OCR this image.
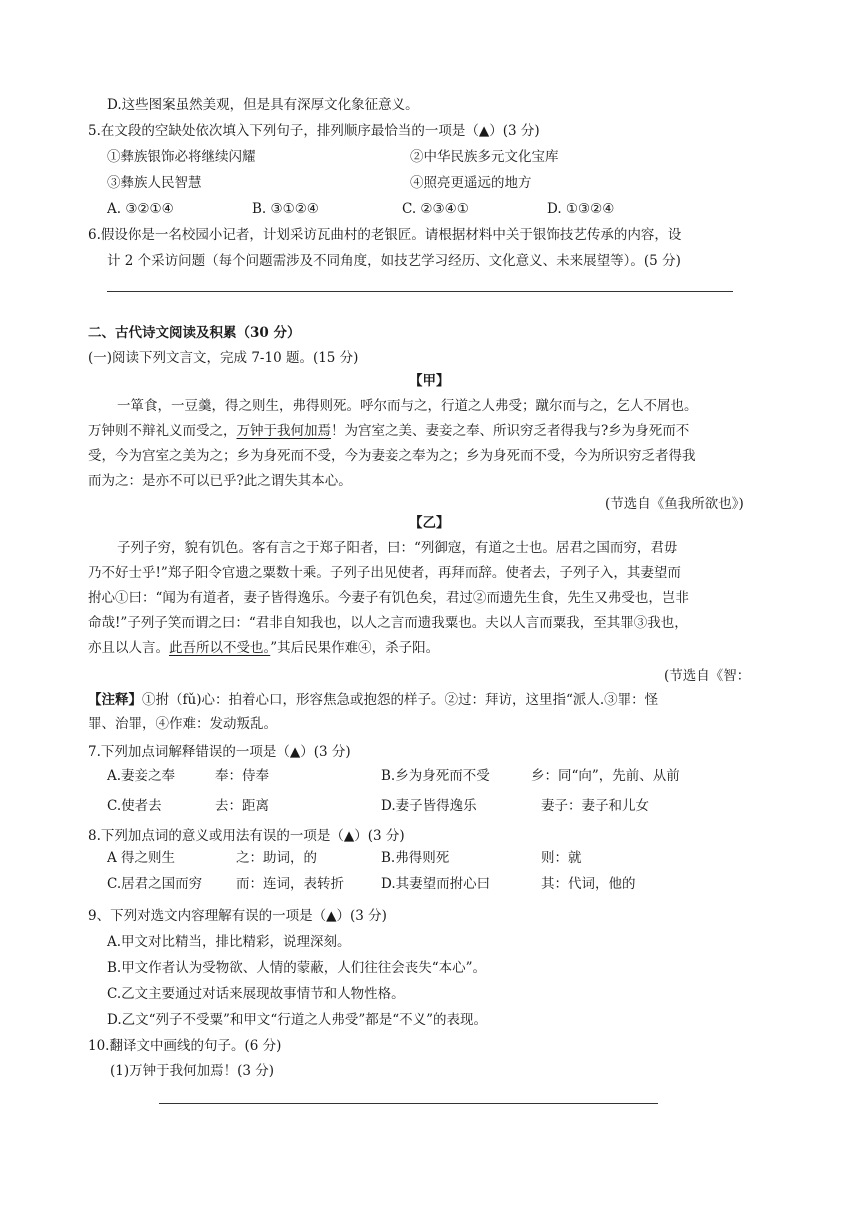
D.这些图案虽然美观，但是具有深厚文化象征意义。
5.在文段的空缺处依次填入下列句子，排列顺序最恰当的一项是（▲）(3 分)
①彝族银饰必将继续闪耀	②中华民族多元文化宝库
③彝族人民智慧	④照亮更遥远的地方
A. ③②①④	B. ③①②④	C. ②③④①	D. ①③②④
6.假设你是一名校园小记者，计划采访瓦曲村的老银匠。请根据材料中关于银饰技艺传承的内容，设
计 2 个采访问题（每个问题需涉及不同角度，如技艺学习经历、文化意义、未来展望等）。(5 分)
二、古代诗文阅读及积累（30 分）
(一)阅读下列文言文，完成 7-10 题。(15 分)
【甲】
一箪食，一豆羹，得之则生，弗得则死。呼尔而与之，行道之人弗受；蹴尔而与之，乞人不屑也。
万钟则不辩礼义而受之，万钟于我何加焉！为宫室之美、妻妾之奉、所识穷乏者得我与?乡为身死而不
受，今为宫室之美为之；乡为身死而不受，今为妻妾之奉为之；乡为身死而不受，今为所识穷乏者得我
而为之：是亦不可以已乎?此之谓失其本心。
(节选自《鱼我所欲也》)
【乙】
子列子穷，貌有饥色。客有言之于郑子阳者，曰：“列御寇，有道之士也。居君之国而穷，君毋
乃不好士乎!”郑子阳令官遗之粟数十乘。子列子出见使者，再拜而辞。使者去，子列子入，其妻望而
拊心①曰：“闻为有道者，妻子皆得逸乐。今妻子有饥色矣，君过②而遗先生食，先生又弗受也，岂非
命哉!”子列子笑而谓之曰：“君非自知我也，以人之言而遗我粟也。夫以人言而粟我，至其罪③我也，
亦且以人言。此吾所以不受也。”其后民果作难④，杀子阳。
(节选自《智：
【注释】①拊（fǔ)心：拍着心口，形容焦急或抱怨的样子。②过：拜访，这里指“派人.③罪：怪
罪、治罪，④作难：发动叛乱。
7.下列加点词解释错误的一项是（▲）(3 分)
A.妻妾之奉	奉：侍奉	B.乡为身死而不受	乡：同“向”，先前、从前
C.使者去	去：距离	D.妻子皆得逸乐	妻子：妻子和儿女
8.下列加点词的意义或用法有误的一项是（▲）(3 分)
A 得之则生	之：助词，的	B.弗得则死	则：就
C.居君之国而穷	而：连词，表转折	D.其妻望而拊心曰	其：代词，他的
9、下列对选文内容理解有误的一项是（▲）(3 分)
A.甲文对比精当，排比精彩，说理深刻。
B.甲文作者认为受物欲、人情的蒙蔽，人们往往会丧失“本心”。
C.乙文主要通过对话来展现故事情节和人物性格。
D.乙文“列子不受粟”和甲文“行道之人弗受”都是“不义”的表现。
10.翻译文中画线的句子。(6 分)
(1)万钟于我何加焉！(3 分)
